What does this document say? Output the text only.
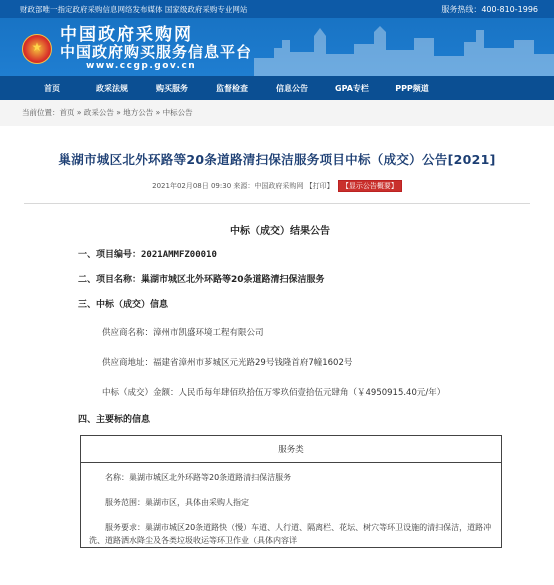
财政部唯一指定政府采购信息网络发布媒体 国家级政府采购专业网站	服务热线：400-810-1996
★
中国政府采购网
中国政府购买服务信息平台
www.ccgp.gov.cn
首页	政采法规	购买服务	监督检查	信息公告	GPA专栏	PPP频道
当前位置：首页 » 政采公告 » 地方公告 » 中标公告
巢湖市城区北外环路等20条道路清扫保洁服务项目中标（成交）公告[2021]
2021年02月08日 09:30 来源：中国政府采购网 【打印】 【显示公告概要】
中标（成交）结果公告
一、项目编号：2021AMMFZ00010
二、项目名称：巢湖市城区北外环路等20条道路清扫保洁服务
三、中标（成交）信息
供应商名称：漳州市凯盛环境工程有限公司
供应商地址：福建省漳州市芗城区元光路29号钱隆首府7幢1602号
中标（成交）金额：人民币每年肆佰玖拾伍万零玖佰壹拾伍元肆角（￥4950915.40元/年）
四、主要标的信息
服务类
名称：巢湖市城区北外环路等20条道路清扫保洁服务
服务范围：巢湖市区，具体由采购人指定
服务要求：巢湖市城区20条道路快（慢）车道、人行道、隔离栏、花坛、树穴等环卫设施的清扫保洁，道路冲洗、道路洒水降尘及各类垃圾收运等环卫作业（具体内容详
